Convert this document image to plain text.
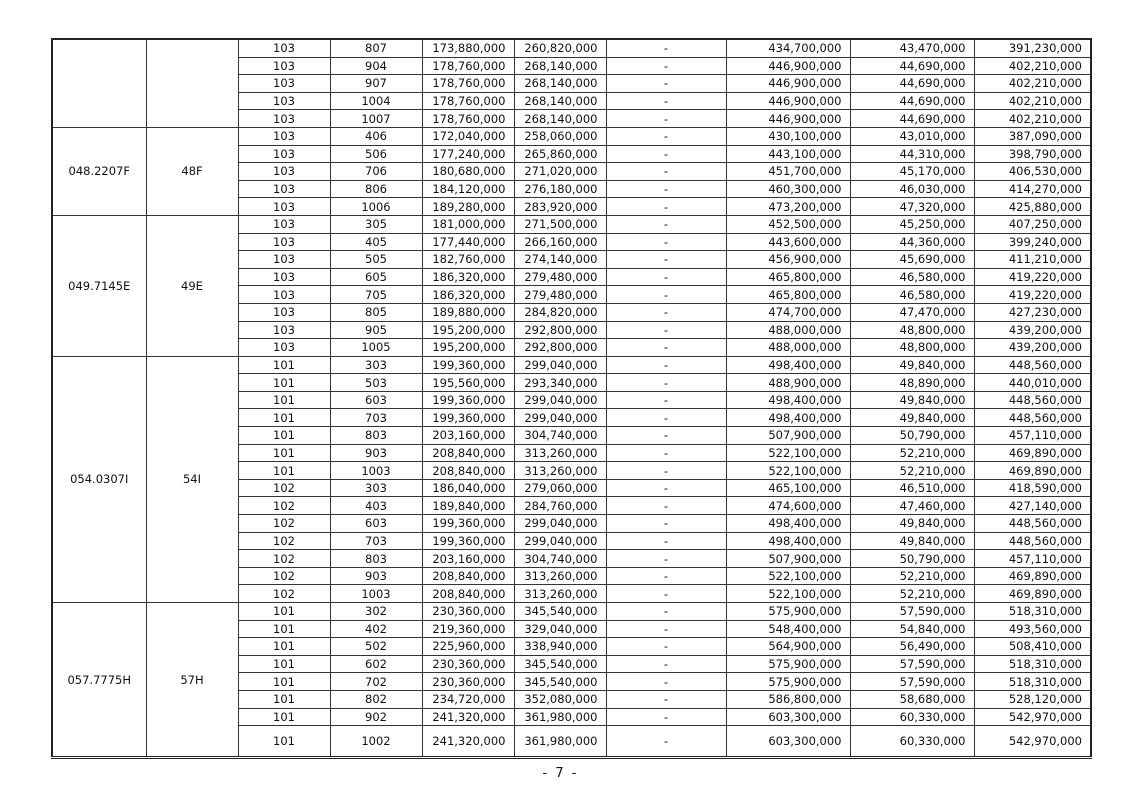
		103	807	173,880,000	260,820,000	-	434,700,000	43,470,000	391,230,000
		103	904	178,760,000	268,140,000	-	446,900,000	44,690,000	402,210,000
		103	907	178,760,000	268,140,000	-	446,900,000	44,690,000	402,210,000
		103	1004	178,760,000	268,140,000	-	446,900,000	44,690,000	402,210,000
		103	1007	178,760,000	268,140,000	-	446,900,000	44,690,000	402,210,000
048.2207F	48F	103	406	172,040,000	258,060,000	-	430,100,000	43,010,000	387,090,000
		103	506	177,240,000	265,860,000	-	443,100,000	44,310,000	398,790,000
		103	706	180,680,000	271,020,000	-	451,700,000	45,170,000	406,530,000
		103	806	184,120,000	276,180,000	-	460,300,000	46,030,000	414,270,000
		103	1006	189,280,000	283,920,000	-	473,200,000	47,320,000	425,880,000
049.7145E	49E	103	305	181,000,000	271,500,000	-	452,500,000	45,250,000	407,250,000
		103	405	177,440,000	266,160,000	-	443,600,000	44,360,000	399,240,000
		103	505	182,760,000	274,140,000	-	456,900,000	45,690,000	411,210,000
		103	605	186,320,000	279,480,000	-	465,800,000	46,580,000	419,220,000
		103	705	186,320,000	279,480,000	-	465,800,000	46,580,000	419,220,000
		103	805	189,880,000	284,820,000	-	474,700,000	47,470,000	427,230,000
		103	905	195,200,000	292,800,000	-	488,000,000	48,800,000	439,200,000
		103	1005	195,200,000	292,800,000	-	488,000,000	48,800,000	439,200,000
054.0307I	54I	101	303	199,360,000	299,040,000	-	498,400,000	49,840,000	448,560,000
		101	503	195,560,000	293,340,000	-	488,900,000	48,890,000	440,010,000
		101	603	199,360,000	299,040,000	-	498,400,000	49,840,000	448,560,000
		101	703	199,360,000	299,040,000	-	498,400,000	49,840,000	448,560,000
		101	803	203,160,000	304,740,000	-	507,900,000	50,790,000	457,110,000
		101	903	208,840,000	313,260,000	-	522,100,000	52,210,000	469,890,000
		101	1003	208,840,000	313,260,000	-	522,100,000	52,210,000	469,890,000
		102	303	186,040,000	279,060,000	-	465,100,000	46,510,000	418,590,000
		102	403	189,840,000	284,760,000	-	474,600,000	47,460,000	427,140,000
		102	603	199,360,000	299,040,000	-	498,400,000	49,840,000	448,560,000
		102	703	199,360,000	299,040,000	-	498,400,000	49,840,000	448,560,000
		102	803	203,160,000	304,740,000	-	507,900,000	50,790,000	457,110,000
		102	903	208,840,000	313,260,000	-	522,100,000	52,210,000	469,890,000
		102	1003	208,840,000	313,260,000	-	522,100,000	52,210,000	469,890,000
057.7775H	57H	101	302	230,360,000	345,540,000	-	575,900,000	57,590,000	518,310,000
		101	402	219,360,000	329,040,000	-	548,400,000	54,840,000	493,560,000
		101	502	225,960,000	338,940,000	-	564,900,000	56,490,000	508,410,000
		101	602	230,360,000	345,540,000	-	575,900,000	57,590,000	518,310,000
		101	702	230,360,000	345,540,000	-	575,900,000	57,590,000	518,310,000
		101	802	234,720,000	352,080,000	-	586,800,000	58,680,000	528,120,000
		101	902	241,320,000	361,980,000	-	603,300,000	60,330,000	542,970,000
		101	1002	241,320,000	361,980,000	-	603,300,000	60,330,000	542,970,000
- 7 -
